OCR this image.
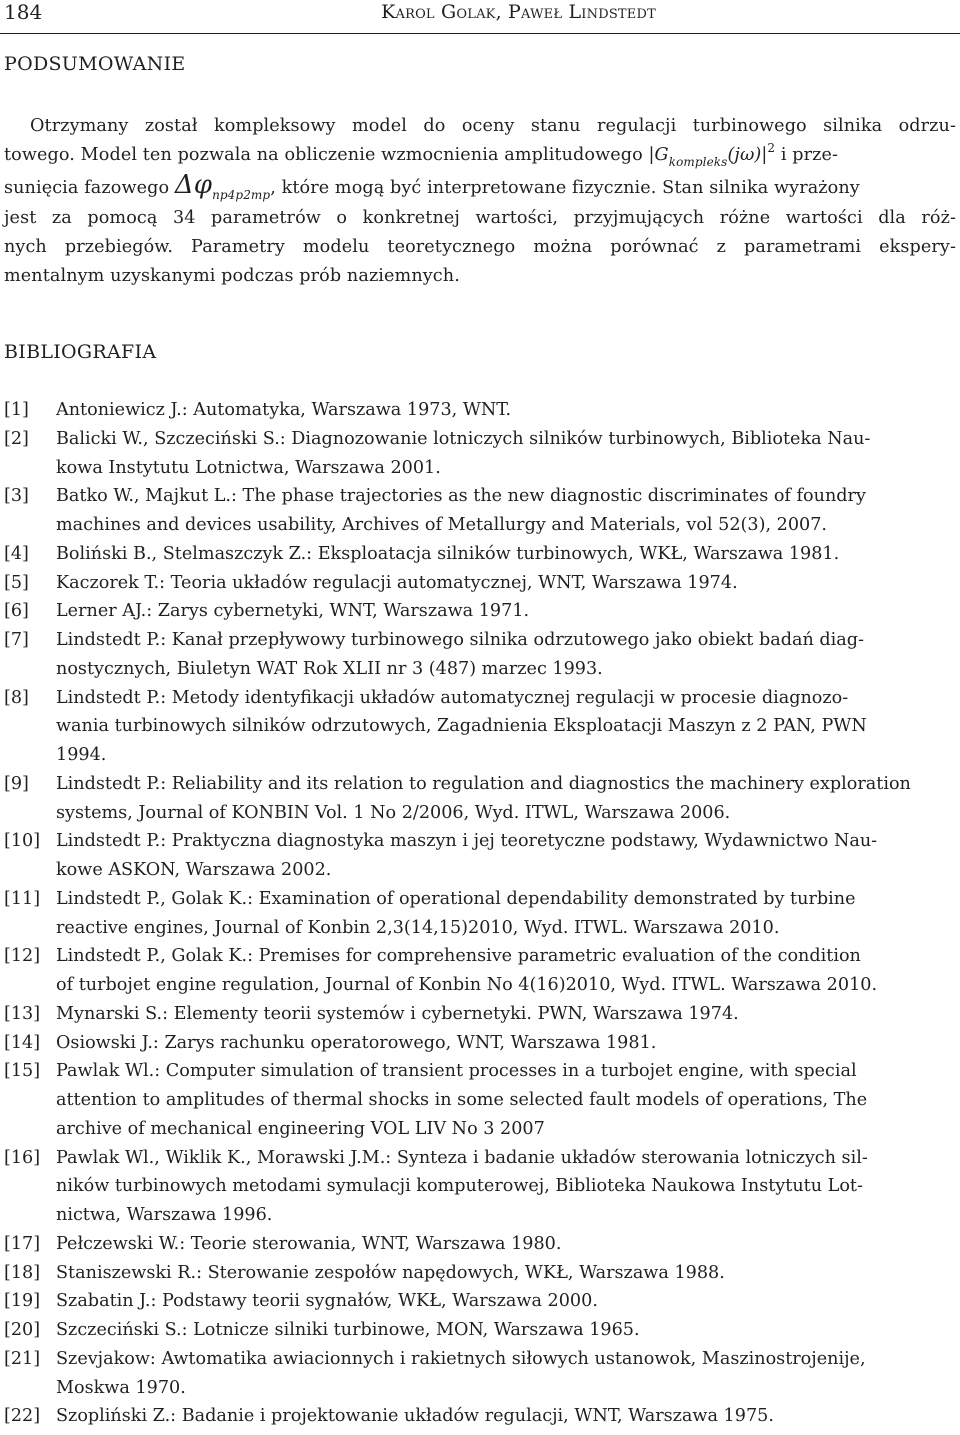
184	Karol Golak, Paweł Lindstedt
PODSUMOWANIE
Otrzymany został kompleksowy model do oceny stanu regulacji turbinowego silnika odrzu-
towego. Model ten pozwala na obliczenie wzmocnienia amplitudowego $|G_{kompleks}(j\omega)|^2$ i prze-
sunięcia fazowego $\Delta\varphi_{np4p2mp}$, które mogą być interpretowane fizycznie. Stan silnika wyrażony
jest za pomocą 34 parametrów o konkretnej wartości, przyjmujących różne wartości dla róż-
nych przebiegów. Parametry modelu teoretycznego można porównać z parametrami ekspery-
mentalnym uzyskanymi podczas prób naziemnych.
BIBLIOGRAFIA
[1]	Antoniewicz J.: Automatyka, Warszawa 1973, WNT.
[2]	Balicki W., Szczeciński S.: Diagnozowanie lotniczych silników turbinowych, Biblioteka Nau-
kowa Instytutu Lotnictwa, Warszawa 2001.
[3]	Batko W., Majkut L.: The phase trajectories as the new diagnostic discriminates of foundry
machines and devices usability, Archives of Metallurgy and Materials, vol 52(3), 2007.
[4]	Boliński B., Stelmaszczyk Z.: Eksploatacja silników turbinowych, WKŁ, Warszawa 1981.
[5]	Kaczorek T.: Teoria układów regulacji automatycznej, WNT, Warszawa 1974.
[6]	Lerner AJ.: Zarys cybernetyki, WNT, Warszawa 1971.
[7]	Lindstedt P.: Kanał przepływowy turbinowego silnika odrzutowego jako obiekt badań diag-
nostycznych, Biuletyn WAT Rok XLII nr 3 (487) marzec 1993.
[8]	Lindstedt P.: Metody identyfikacji układów automatycznej regulacji w procesie diagnozo-
wania turbinowych silników odrzutowych, Zagadnienia Eksploatacji Maszyn z 2 PAN, PWN
1994.
[9]	Lindstedt P.: Reliability and its relation to regulation and diagnostics the machinery exploration
systems, Journal of KONBIN Vol. 1 No 2/2006, Wyd. ITWL, Warszawa 2006.
[10] Lindstedt P.: Praktyczna diagnostyka maszyn i jej teoretyczne podstawy, Wydawnictwo Nau-
kowe ASKON, Warszawa 2002.
[11] Lindstedt P., Golak K.: Examination of operational dependability demonstrated by turbine
reactive engines, Journal of Konbin 2,3(14,15)2010, Wyd. ITWL. Warszawa 2010.
[12] Lindstedt P., Golak K.: Premises for comprehensive parametric evaluation of the condition
of turbojet engine regulation, Journal of Konbin No 4(16)2010, Wyd. ITWL. Warszawa 2010.
[13] Mynarski S.: Elementy teorii systemów i cybernetyki. PWN, Warszawa 1974.
[14] Osiowski J.: Zarys rachunku operatorowego, WNT, Warszawa 1981.
[15] Pawlak Wl.: Computer simulation of transient processes in a turbojet engine, with special
attention to amplitudes of thermal shocks in some selected fault models of operations, The
archive of mechanical engineering VOL LIV No 3 2007
[16] Pawlak Wl., Wiklik K., Morawski J.M.: Synteza i badanie układów sterowania lotniczych sil-
ników turbinowych metodami symulacji komputerowej, Biblioteka Naukowa Instytutu Lot-
nictwa, Warszawa 1996.
[17] Pełczewski W.: Teorie sterowania, WNT, Warszawa 1980.
[18] Staniszewski R.: Sterowanie zespołów napędowych, WKŁ, Warszawa 1988.
[19] Szabatin J.: Podstawy teorii sygnałów, WKŁ, Warszawa 2000.
[20] Szczeciński S.: Lotnicze silniki turbinowe, MON, Warszawa 1965.
[21] Szevjakow: Awtomatika awiacionnych i rakietnych siłowych ustanowok, Maszinostrojenije,
Moskwa 1970.
[22] Szopliński Z.: Badanie i projektowanie układów regulacji, WNT, Warszawa 1975.
